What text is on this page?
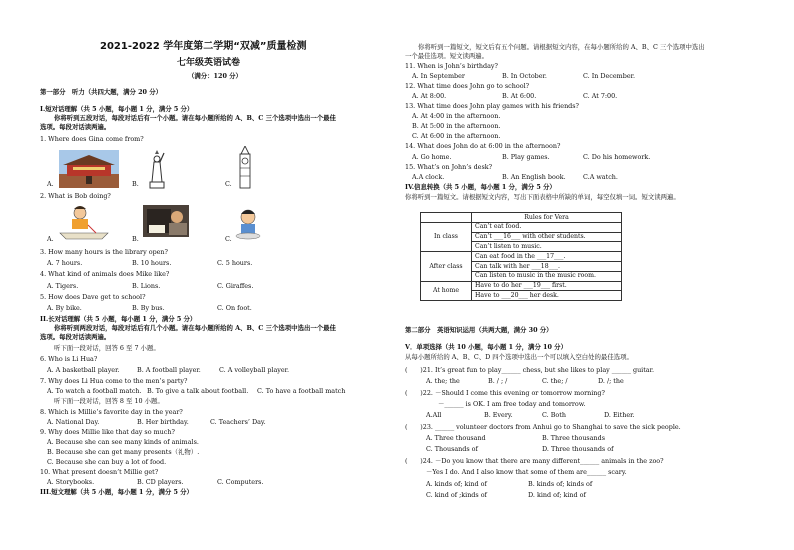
2021-2022 学年度第二学期“双减”质量检测
七年级英语试卷
（满分：120 分）
第一部分　听力（共四大题，满分 20 分）
I.短对话理解（共 5 小题，每小题 1 分，满分 5 分）
你将听到五段对话，每段对话后有一个小题。请在每小题所给的 A、B、C 三个选项中选出一个最佳
选项。每段对话读两遍。
1. Where does Gina come from?
A.	B.	C.
2. What is Bob doing?
A.	B.	C.
3. How many hours is the library open?
A. 7 hours.	B. 10 hours.	C. 5 hours.
4. What kind of animals does Mike like?
A. Tigers.	B. Lions.	C. Giraffes.
5. How does Dave get to school?
A. By bike.	B. By bus.	C. On foot.
II.长对话理解（共 5 小题，每小题 1 分，满分 5 分）
你将听到两段对话，每段对话后有几个小题。请在每小题所给的 A、B、C 三个选项中选出一个最佳
选项。每段对话读两遍。
听下面一段对话，回答 6 至 7 小题。
6. Who is Li Hua?
A. A basketball player.	B. A football player.	C. A volleyball player.
7. Why does Li Hua come to the men’s party?
A. To watch a football match. B. To give a talk about football. C. To have a football match
听下面一段对话，回答 8 至 10 小题。
8. Which is Millie’s favorite day in the year?
A. National Day.	B. Her birthday.	C. Teachers’ Day.
9. Why does Millie like that day so much?
A. Because she can see many kinds of animals.
B. Because she can get many presents（礼物）.
C. Because she can buy a lot of food.
10. What present doesn’t Millie get?
A. Storybooks.	B. CD players.	C. Computers.
III.短文理解（共 5 小题，每小题 1 分，满分 5 分）
你将听到一篇短文，短文后有五个问题。请根据短文内容，在每小题所给的 A、B、C 三个选项中选出
一个最佳选项。短文读两遍。
11. When is John’s birthday?
A. In September	B. In October.	C. In December.
12. What time does John go to school?
A. At 8:00.	B. At 6:00.	C. At 7:00.
13. What time does John play games with his friends?
A. At 4:00 in the afternoon.
B. At 5:00 in the afternoon.
C. At 6:00 in the afternoon.
14. What does John do at 6:00 in the afternoon?
A. Go home.	B. Play games.	C. Do his homework.
15. What’s on John’s desk?
A.A clock.	B. An English book.	C.A watch.
IV.信息转换（共 5 小题，每小题 1 分，满分 5 分）
你将听到一篇短文。请根据短文内容，写出下面表格中所缺的单词，每空仅填一词。短文读两遍。
	Rules for Vera
In class	Can’t eat food.
	Can’t ___16___ with other students.
	Can’t listen to music.
After class	Can eat food in the ___17___.
	Can talk with her ___18___.
	Can listen to music in the music room.
At home	Have to do her ___19___ first.
	Have to ___20___ her desk.
第二部分　英语知识运用（共两大题，满分 30 分）
V．单项选择（共 10 小题，每小题 1 分，满分 10 分）
从每小题所给的 A、B、C、D 四个选项中选出一个可以填入空白处的最佳选项。
(　　)21. It’s great fun to play______ chess, but she likes to play ______ guitar.
A. the; the	B. / ; /	C. the; /	D. /; the
(　　)22. －Should I come this evening or tomorrow morning?
－______ is OK. I am free today and tomorrow.
A.All	B. Every.	C. Both	D. Either.
(　　)23. ______ volunteer doctors from Anhui go to Shanghai to save the sick people.
A. Three thousand	B. Three thousands
C. Thousands of	D. Three thousands of
(　　)24. －Do you know that there are many different______ animals in the zoo?
－Yes I do. And I also know that some of them are______ scary.
A. kinds of; kind of	B. kinds of; kinds of
C. kind of ;kinds of	D. kind of; kind of
